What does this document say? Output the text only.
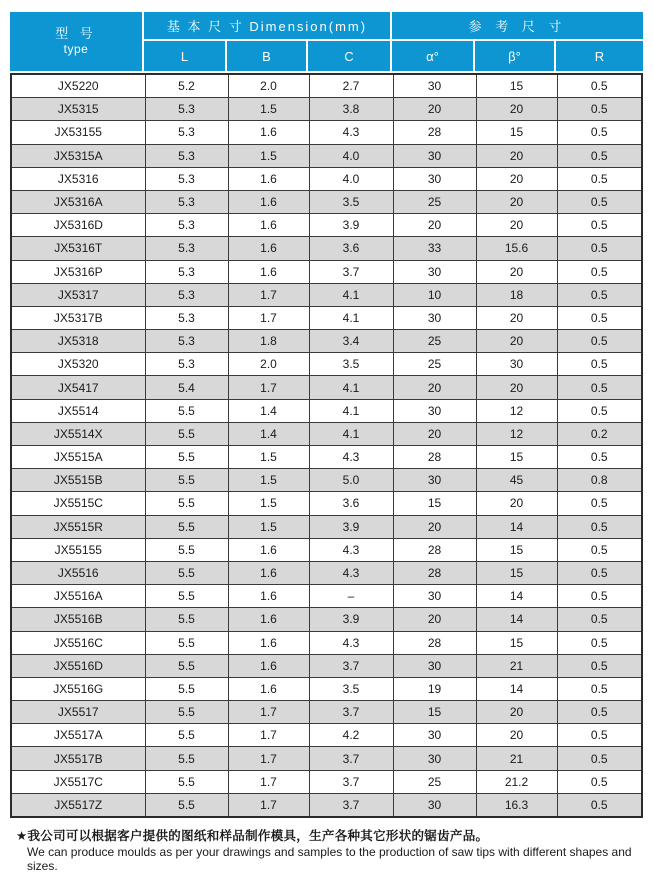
型 号
type
基 本 尺 寸 Dimension(mm)	参 考 尺 寸
L	B	C	α°	β°	R
JX5220	5.2	2.0	2.7	30	15	0.5
JX5315	5.3	1.5	3.8	20	20	0.5
JX53155	5.3	1.6	4.3	28	15	0.5
JX5315A	5.3	1.5	4.0	30	20	0.5
JX5316	5.3	1.6	4.0	30	20	0.5
JX5316A	5.3	1.6	3.5	25	20	0.5
JX5316D	5.3	1.6	3.9	20	20	0.5
JX5316T	5.3	1.6	3.6	33	15.6	0.5
JX5316P	5.3	1.6	3.7	30	20	0.5
JX5317	5.3	1.7	4.1	10	18	0.5
JX5317B	5.3	1.7	4.1	30	20	0.5
JX5318	5.3	1.8	3.4	25	20	0.5
JX5320	5.3	2.0	3.5	25	30	0.5
JX5417	5.4	1.7	4.1	20	20	0.5
JX5514	5.5	1.4	4.1	30	12	0.5
JX5514X	5.5	1.4	4.1	20	12	0.2
JX5515A	5.5	1.5	4.3	28	15	0.5
JX5515B	5.5	1.5	5.0	30	45	0.8
JX5515C	5.5	1.5	3.6	15	20	0.5
JX5515R	5.5	1.5	3.9	20	14	0.5
JX55155	5.5	1.6	4.3	28	15	0.5
JX5516	5.5	1.6	4.3	28	15	0.5
JX5516A	5.5	1.6	–	30	14	0.5
JX5516B	5.5	1.6	3.9	20	14	0.5
JX5516C	5.5	1.6	4.3	28	15	0.5
JX5516D	5.5	1.6	3.7	30	21	0.5
JX5516G	5.5	1.6	3.5	19	14	0.5
JX5517	5.5	1.7	3.7	15	20	0.5
JX5517A	5.5	1.7	4.2	30	20	0.5
JX5517B	5.5	1.7	3.7	30	21	0.5
JX5517C	5.5	1.7	3.7	25	21.2	0.5
JX5517Z	5.5	1.7	3.7	30	16.3	0.5
★我公司可以根据客户提供的图纸和样品制作模具，生产各种其它形状的锯齿产品。
We can produce moulds as per your drawings and samples to the production of saw tips with different shapes and sizes.
